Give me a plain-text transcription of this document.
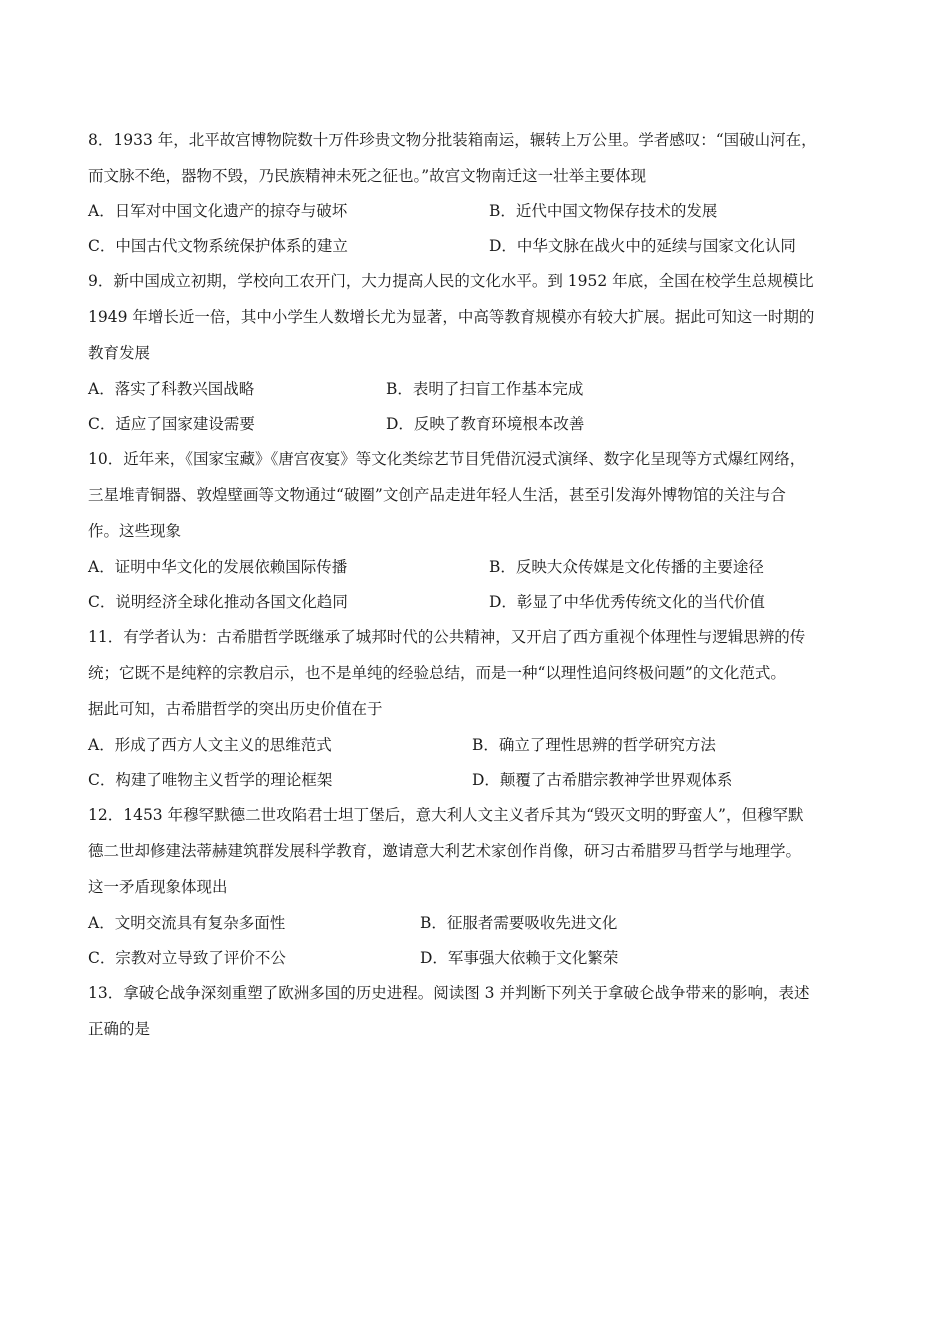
8．1933 年，北平故宫博物院数十万件珍贵文物分批装箱南运，辗转上万公里。学者感叹：“国破山河在，
而文脉不绝，器物不毁，乃民族精神未死之征也。”故宫文物南迁这一壮举主要体现
A．日军对中国文化遗产的掠夺与破坏	B．近代中国文物保存技术的发展
C．中国古代文物系统保护体系的建立	D．中华文脉在战火中的延续与国家文化认同
9．新中国成立初期，学校向工农开门，大力提高人民的文化水平。到 1952 年底，全国在校学生总规模比
1949 年增长近一倍，其中小学生人数增长尤为显著，中高等教育规模亦有较大扩展。据此可知这一时期的
教育发展
A．落实了科教兴国战略	B．表明了扫盲工作基本完成
C．适应了国家建设需要	D．反映了教育环境根本改善
10．近年来，《国家宝藏》《唐宫夜宴》等文化类综艺节目凭借沉浸式演绎、数字化呈现等方式爆红网络，
三星堆青铜器、敦煌壁画等文物通过“破圈”文创产品走进年轻人生活，甚至引发海外博物馆的关注与合
作。这些现象
A．证明中华文化的发展依赖国际传播	B．反映大众传媒是文化传播的主要途径
C．说明经济全球化推动各国文化趋同	D．彰显了中华优秀传统文化的当代价值
11．有学者认为：古希腊哲学既继承了城邦时代的公共精神，又开启了西方重视个体理性与逻辑思辨的传
统；它既不是纯粹的宗教启示，也不是单纯的经验总结，而是一种“以理性追问终极问题”的文化范式。
据此可知，古希腊哲学的突出历史价值在于
A．形成了西方人文主义的思维范式	B．确立了理性思辨的哲学研究方法
C．构建了唯物主义哲学的理论框架	D．颠覆了古希腊宗教神学世界观体系
12．1453 年穆罕默德二世攻陷君士坦丁堡后，意大利人文主义者斥其为“毁灭文明的野蛮人”，但穆罕默
德二世却修建法蒂赫建筑群发展科学教育，邀请意大利艺术家创作肖像，研习古希腊罗马哲学与地理学。
这一矛盾现象体现出
A．文明交流具有复杂多面性	B．征服者需要吸收先进文化
C．宗教对立导致了评价不公	D．军事强大依赖于文化繁荣
13．拿破仑战争深刻重塑了欧洲多国的历史进程。阅读图 3 并判断下列关于拿破仑战争带来的影响，表述
正确的是
